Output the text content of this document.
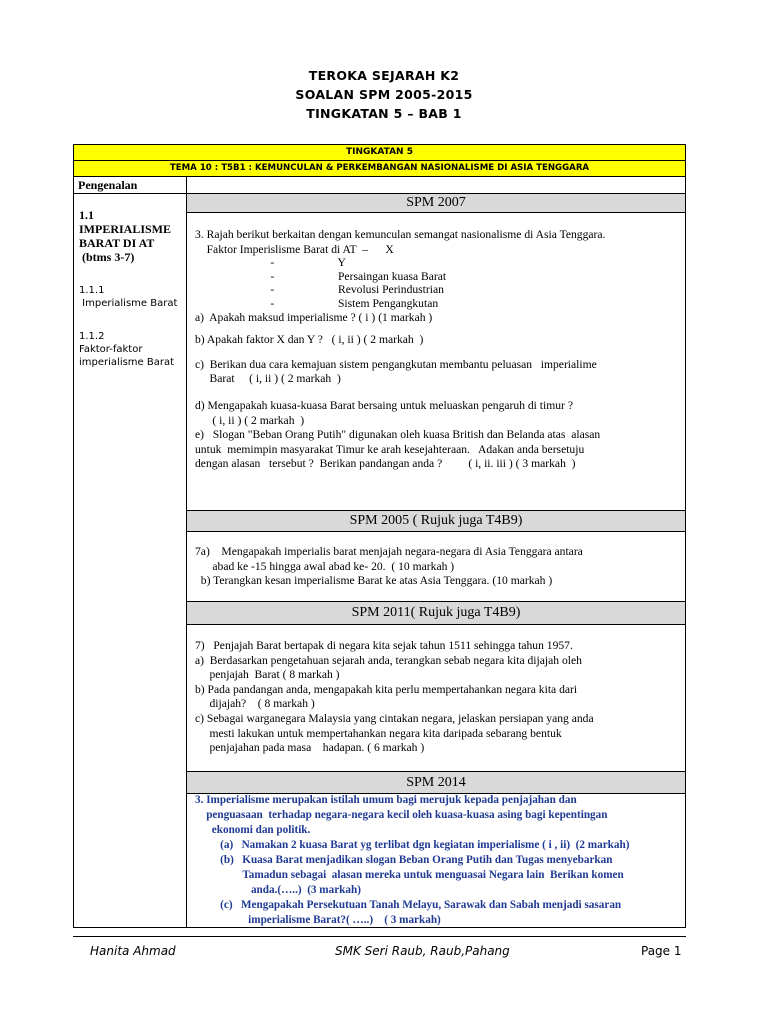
TEROKA SEJARAH K2
SOALAN SPM 2005-2015
TINGKATAN 5 – BAB 1
TINGKATAN 5
TEMA 10 : T5B1 : KEMUNCULAN & PERKEMBANGAN NASIONALISME DI ASIA TENGGARA
Pengenalan
1.1
IMPERIALISME
BARAT DI AT
(btms 3-7)
1.1.1
Imperialisme Barat
1.1.2
Faktor-faktor
imperialisme Barat
SPM 2007
3. Rajah berikut berkaitan dengan kemunculan semangat nasionalisme di Asia Tenggara.
Faktor Imperislisme Barat di AT  –      X
-                      Y
-                      Persaingan kuasa Barat
-                      Revolusi Perindustrian
-                      Sistem Pengangkutan
a)  Apakah maksud imperialisme ? ( i ) (1 markah )
b) Apakah faktor X dan Y ?   ( i, ii ) ( 2 markah  )
c)  Berikan dua cara kemajuan sistem pengangkutan membantu peluasan   imperialime
Barat     ( i, ii ) ( 2 markah  )
d) Mengapakah kuasa-kuasa Barat bersaing untuk meluaskan pengaruh di timur ?
( i, ii ) ( 2 markah  )
e)   Slogan "Beban Orang Putih" digunakan oleh kuasa British dan Belanda atas  alasan
untuk  memimpin masyarakat Timur ke arah kesejahteraan.   Adakan anda bersetuju
dengan alasan   tersebut ?  Berikan pandangan anda ?         ( i, ii. iii ) ( 3 markah  )
SPM 2005 ( Rujuk juga T4B9)
7a)    Mengapakah imperialis barat menjajah negara-negara di Asia Tenggara antara
abad ke -15 hingga awal abad ke- 20.  ( 10 markah )
b) Terangkan kesan imperialisme Barat ke atas Asia Tenggara. (10 markah )
SPM 2011( Rujuk juga T4B9)
7)   Penjajah Barat bertapak di negara kita sejak tahun 1511 sehingga tahun 1957.
a)  Berdasarkan pengetahuan sejarah anda, terangkan sebab negara kita dijajah oleh
penjajah  Barat ( 8 markah )
b) Pada pandangan anda, mengapakah kita perlu mempertahankan negara kita dari
dijajah?    ( 8 markah )
c) Sebagai warganegara Malaysia yang cintakan negara, jelaskan persiapan yang anda
mesti lakukan untuk mempertahankan negara kita daripada sebarang bentuk
penjajahan pada masa    hadapan. ( 6 markah )
SPM 2014
3. Imperialisme merupakan istilah umum bagi merujuk kepada penjajahan dan
penguasaan  terhadap negara-negara kecil oleh kuasa-kuasa asing bagi kepentingan
ekonomi dan politik.
(a)   Namakan 2 kuasa Barat yg terlibat dgn kegiatan imperialisme ( i , ii)  (2 markah)
(b)   Kuasa Barat menjadikan slogan Beban Orang Putih dan Tugas menyebarkan
Tamadun sebagai  alasan mereka untuk menguasai Negara lain  Berikan komen
anda.(…..)  (3 markah)
(c)   Mengapakah Persekutuan Tanah Melayu, Sarawak dan Sabah menjadi sasaran
imperialisme Barat?( …..)    ( 3 markah)
Hanita Ahmad	SMK Seri Raub, Raub,Pahang	Page 1
